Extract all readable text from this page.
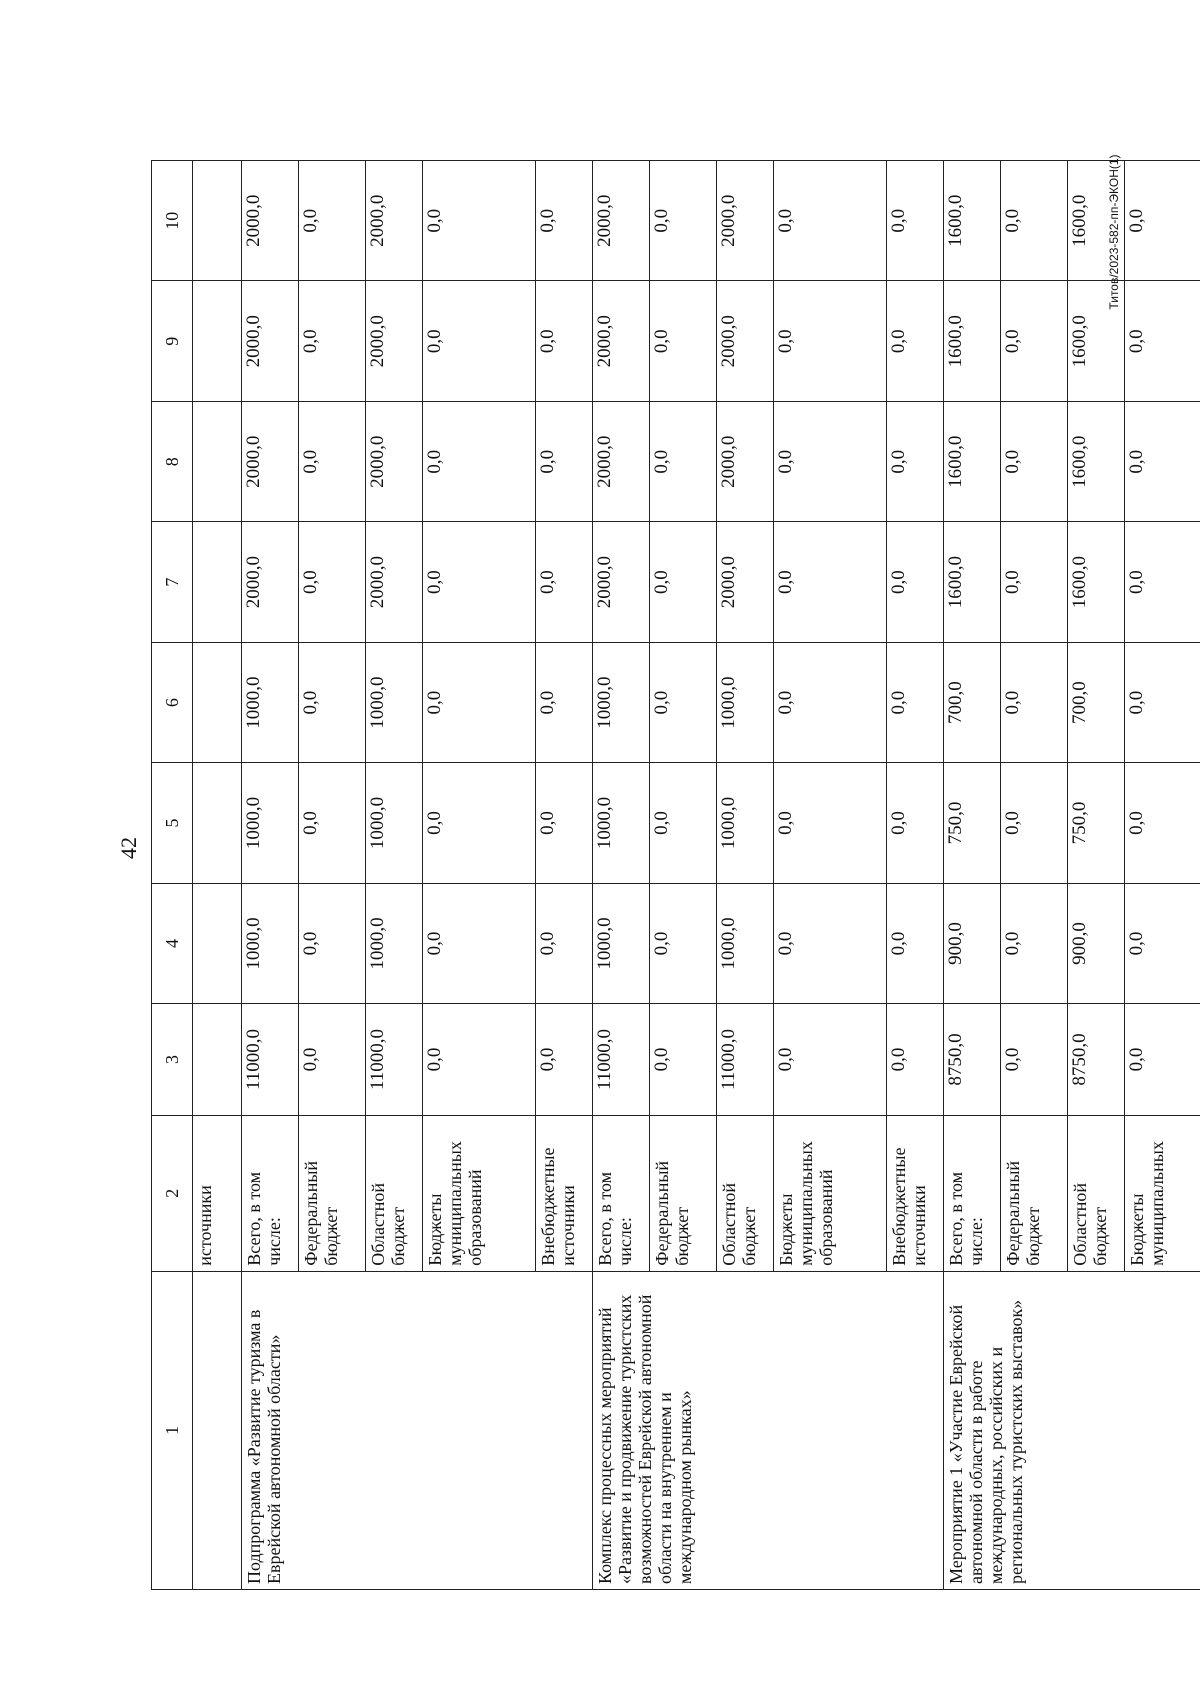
42
Титов/2023-582-пп-ЭКОН(1)
1	2	3	4	5	6	7	8	9	10
	источники								
Подпрограмма «Развитие туризма в Еврейской автономной области»	Всего, в том числе:	11000,0	1000,0	1000,0	1000,0	2000,0	2000,0	2000,0	2000,0
	Федеральный бюджет	0,0	0,0	0,0	0,0	0,0	0,0	0,0	0,0
	Областной бюджет	11000,0	1000,0	1000,0	1000,0	2000,0	2000,0	2000,0	2000,0
	Бюджеты муниципальных образований	0,0	0,0	0,0	0,0	0,0	0,0	0,0	0,0
	Внебюджетные источники	0,0	0,0	0,0	0,0	0,0	0,0	0,0	0,0
Комплекс процессных мероприятий «Развитие и продвижение туристских возможностей Еврейской автономной области на внутреннем и международном рынках»	Всего, в том числе:	11000,0	1000,0	1000,0	1000,0	2000,0	2000,0	2000,0	2000,0
	Федеральный бюджет	0,0	0,0	0,0	0,0	0,0	0,0	0,0	0,0
	Областной бюджет	11000,0	1000,0	1000,0	1000,0	2000,0	2000,0	2000,0	2000,0
	Бюджеты муниципальных образований	0,0	0,0	0,0	0,0	0,0	0,0	0,0	0,0
	Внебюджетные источники	0,0	0,0	0,0	0,0	0,0	0,0	0,0	0,0
Мероприятие 1 «Участие Еврейской автономной области в работе международных, российских и региональных туристских выставок»	Всего, в том числе:	8750,0	900,0	750,0	700,0	1600,0	1600,0	1600,0	1600,0
	Федеральный бюджет	0,0	0,0	0,0	0,0	0,0	0,0	0,0	0,0
	Областной бюджет	8750,0	900,0	750,0	700,0	1600,0	1600,0	1600,0	1600,0
	Бюджеты муниципальных	0,0	0,0	0,0	0,0	0,0	0,0	0,0	0,0
